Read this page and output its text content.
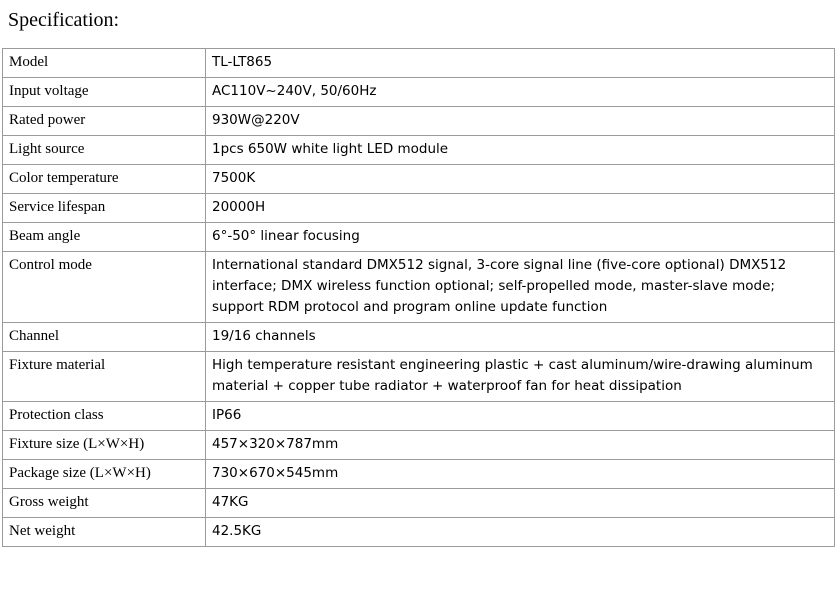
Specification:
Model	TL-LT865
Input voltage	AC110V~240V, 50/60Hz
Rated power	930W@220V
Light source	1pcs 650W white light LED module
Color temperature	7500K
Service lifespan	20000H
Beam angle	6°-50° linear focusing
Control mode	International standard DMX512 signal, 3-core signal line (five-core optional) DMX512 interface; DMX wireless function optional; self-propelled mode, master-slave mode; support RDM protocol and program online update function
Channel	19/16 channels
Fixture material	High temperature resistant engineering plastic + cast aluminum/wire-drawing aluminum material + copper tube radiator + waterproof fan for heat dissipation
Protection class	IP66
Fixture size (L×W×H)	457×320×787mm
Package size (L×W×H)	730×670×545mm
Gross weight	47KG
Net weight	42.5KG
